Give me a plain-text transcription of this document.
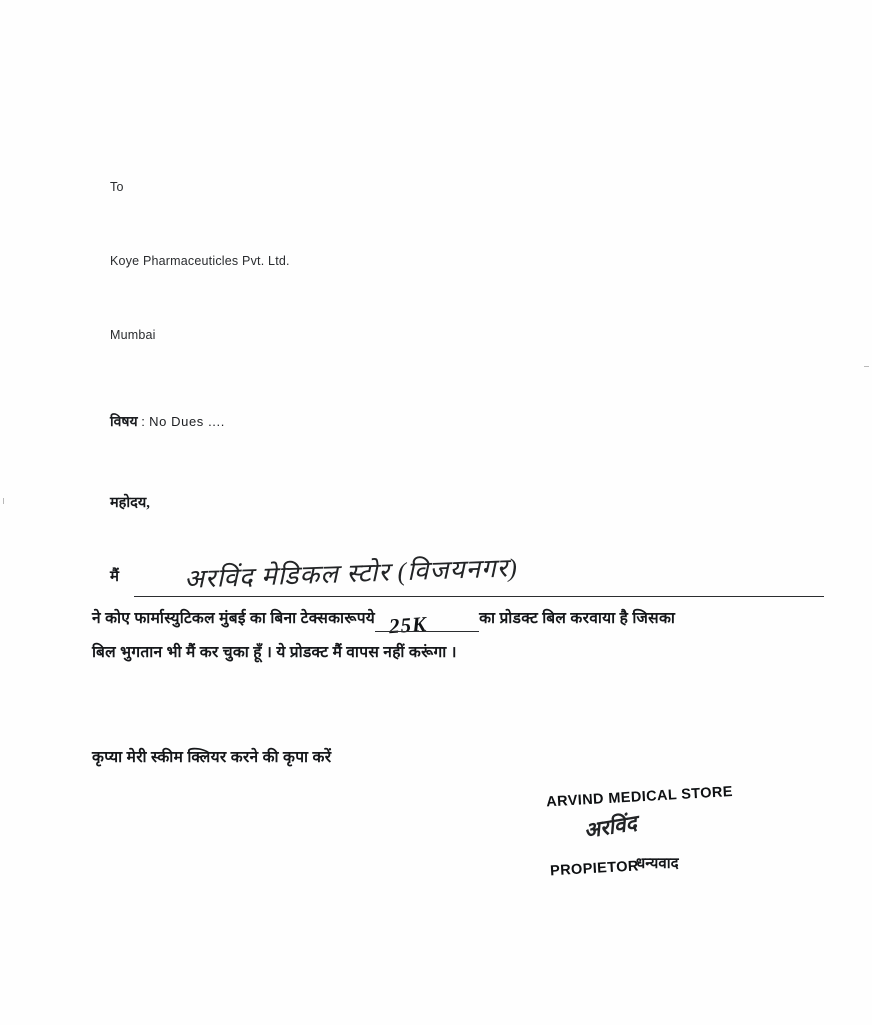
To

Koye Pharmaceuticles Pvt. Ltd.

Mumbai

विषय : No Dues ....
महोदय,
मैं अरविंद मेडिकल स्टोर (विजयनगर)
ने कोए फार्मास्युटिकल मुंबई का बिना टेक्सकारूपये 25K	का प्रोडक्ट बिल करवाया है जिसका
बिल भुगतान भी मैं कर चुका हूँ । ये प्रोडक्ट मैं वापस नहीं करूंगा ।
कृप्या मेरी स्कीम क्लियर करने की कृपा करें
ARVIND MEDICAL STORE
अरविंद
PROPIETOR
धन्यवाद
